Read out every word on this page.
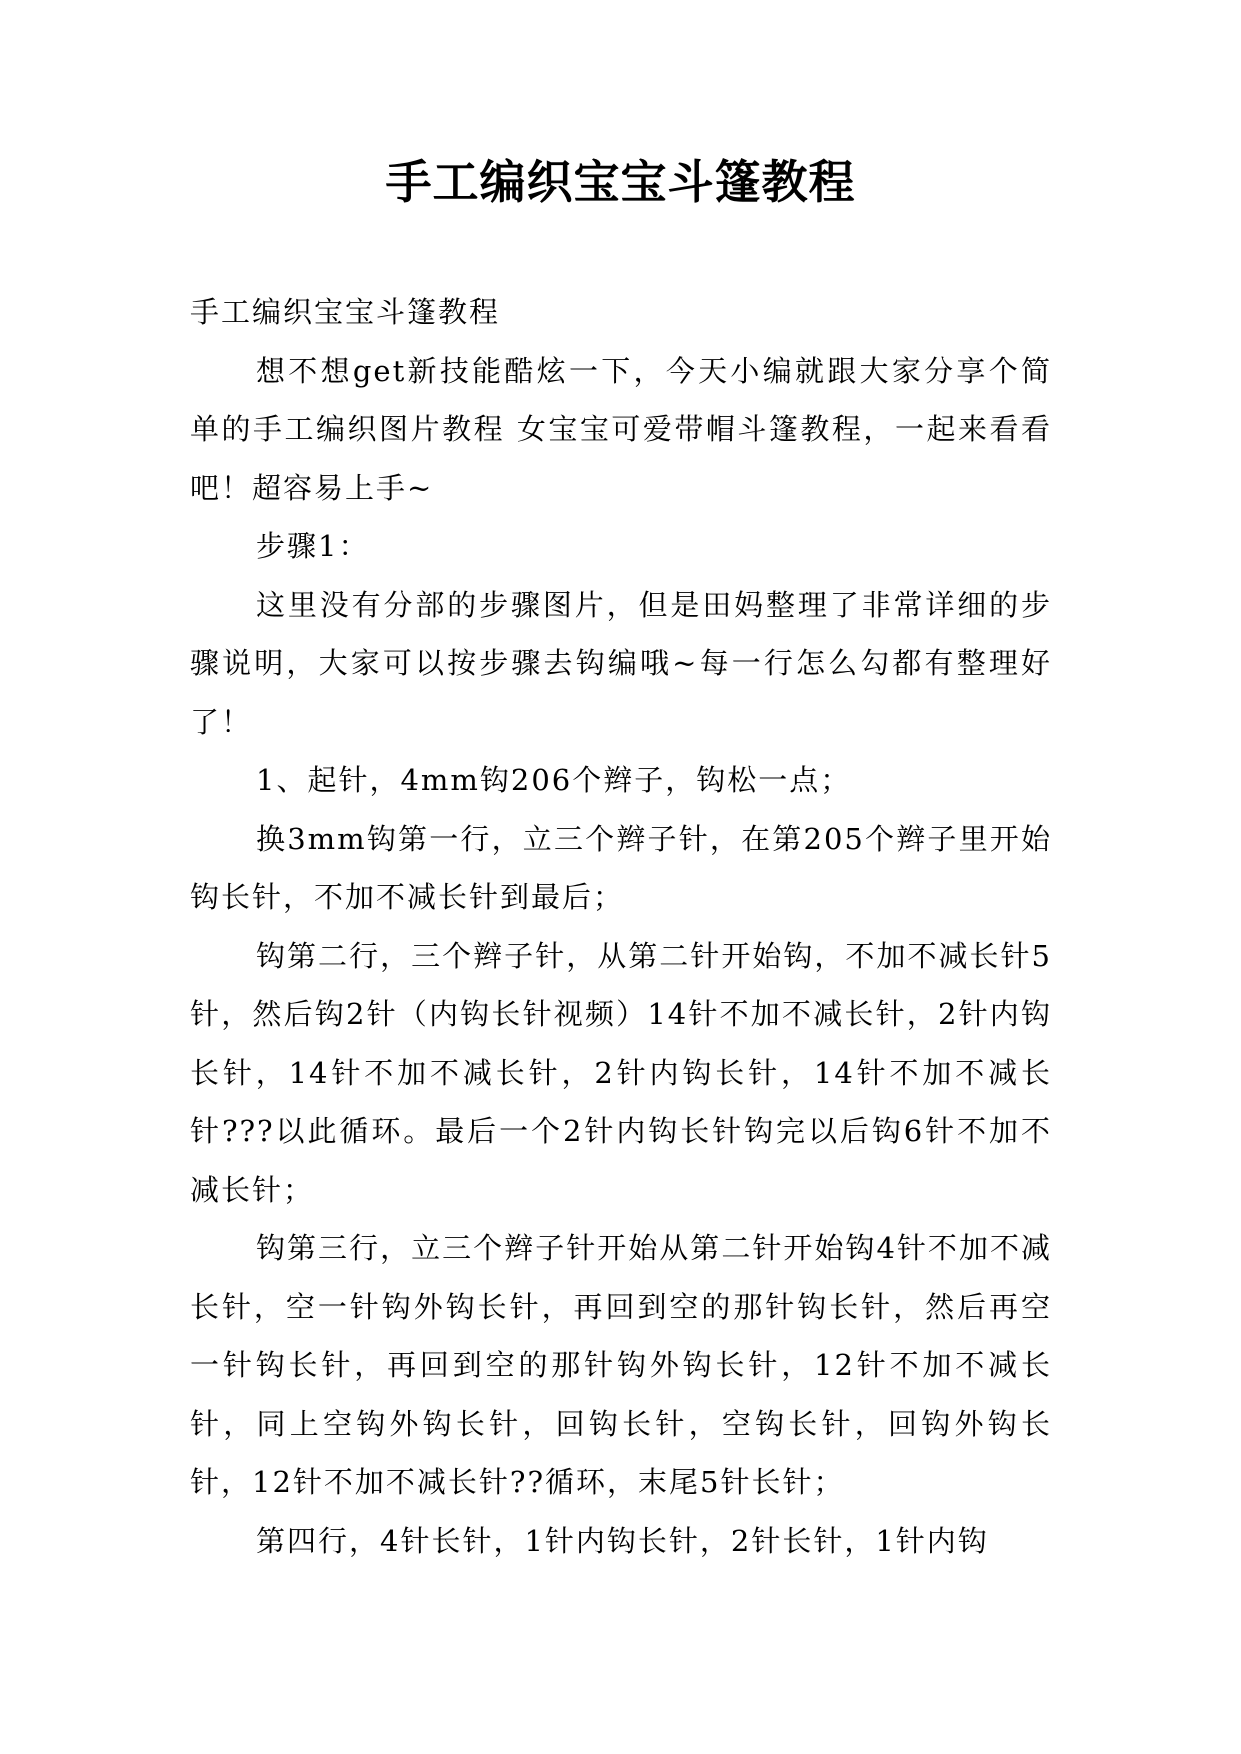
手工编织宝宝斗篷教程

手工编织宝宝斗篷教程

想不想get新技能酷炫一下，今天小编就跟大家分享个简单的手工编织图片教程 女宝宝可爱带帽斗篷教程，一起来看看吧！超容易上手~

步骤1：

这里没有分部的步骤图片，但是田妈整理了非常详细的步骤说明，大家可以按步骤去钩编哦~每一行怎么勾都有整理好了！

1、起针，4mm钩206个辫子，钩松一点；

换3mm钩第一行，立三个辫子针，在第205个辫子里开始钩长针，不加不减长针到最后；

钩第二行，三个辫子针，从第二针开始钩，不加不减长针5针，然后钩2针（内钩长针视频）14针不加不减长针，2针内钩长针，14针不加不减长针，2针内钩长针，14针不加不减长针???以此循环。最后一个2针内钩长针钩完以后钩6针不加不减长针；

钩第三行，立三个辫子针开始从第二针开始钩4针不加不减长针，空一针钩外钩长针，再回到空的那针钩长针，然后再空一针钩长针，再回到空的那针钩外钩长针，12针不加不减长针，同上空钩外钩长针，回钩长针，空钩长针，回钩外钩长针，12针不加不减长针??循环，末尾5针长针；

第四行，4针长针，1针内钩长针，2针长针，1针内钩
